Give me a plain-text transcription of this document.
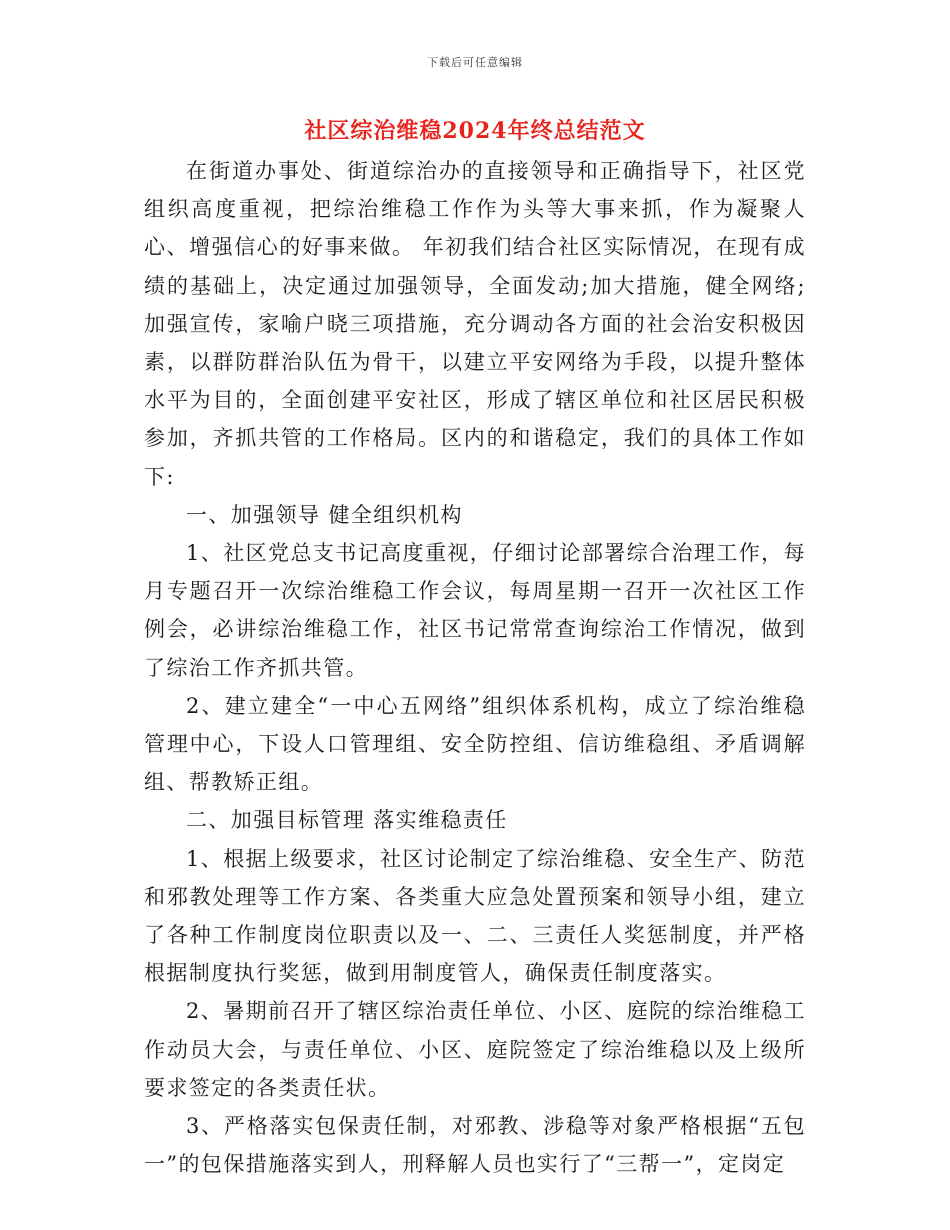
下载后可任意编辑
社区综治维稳2024年终总结范文

在街道办事处、街道综治办的直接领导和正确指导下，社区党组织高度重视，把综治维稳工作作为头等大事来抓，作为凝聚人心、增强信心的好事来做。 年初我们结合社区实际情况，在现有成绩的基础上，决定通过加强领导，全面发动;加大措施，健全网络;加强宣传，家喻户晓三项措施，充分调动各方面的社会治安积极因素，以群防群治队伍为骨干，以建立平安网络为手段，以提升整体水平为目的，全面创建平安社区，形成了辖区单位和社区居民积极参加，齐抓共管的工作格局。区内的和谐稳定，我们的具体工作如下:

一、加强领导 健全组织机构

1、社区党总支书记高度重视，仔细讨论部署综合治理工作，每月专题召开一次综治维稳工作会议，每周星期一召开一次社区工作例会，必讲综治维稳工作，社区书记常常查询综治工作情况，做到了综治工作齐抓共管。

2、建立建全“一中心五网络”组织体系机构，成立了综治维稳管理中心，下设人口管理组、安全防控组、信访维稳组、矛盾调解组、帮教矫正组。

二、加强目标管理 落实维稳责任

1、根据上级要求，社区讨论制定了综治维稳、安全生产、防范和邪教处理等工作方案、各类重大应急处置预案和领导小组，建立了各种工作制度岗位职责以及一、二、三责任人奖惩制度，并严格根据制度执行奖惩，做到用制度管人，确保责任制度落实。

2、暑期前召开了辖区综治责任单位、小区、庭院的综治维稳工作动员大会，与责任单位、小区、庭院签定了综治维稳以及上级所要求签定的各类责任状。

3、严格落实包保责任制，对邪教、涉稳等对象严格根据“五包一”的包保措施落实到人，刑释解人员也实行了“三帮一”，定岗定
